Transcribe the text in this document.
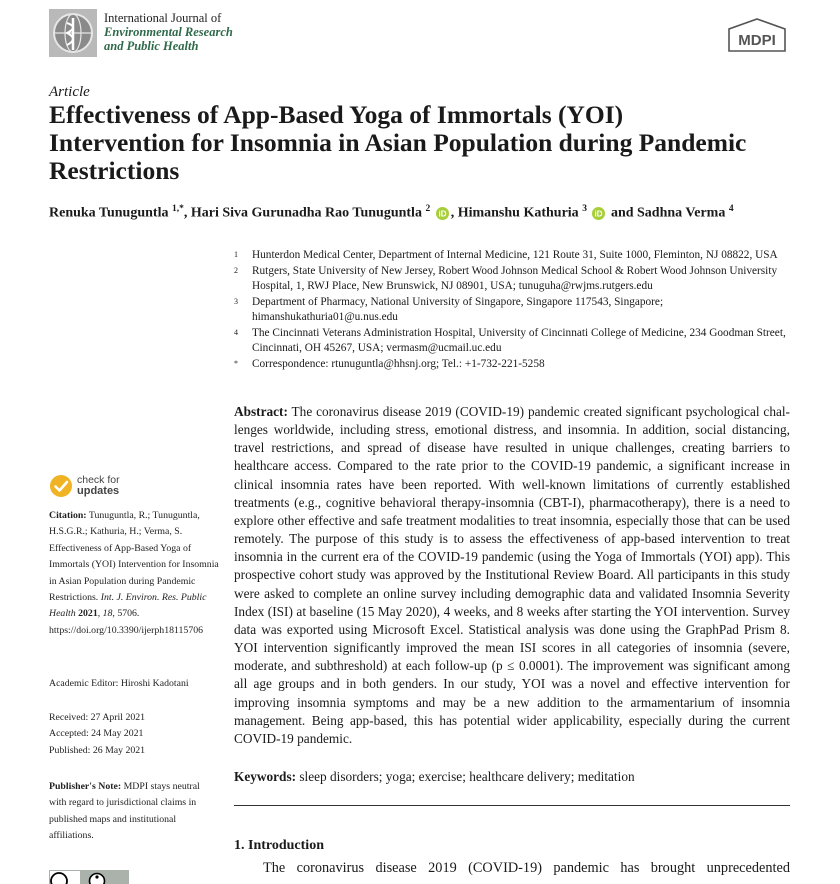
International Journal of
Environmental Research
and Public Health	MDPI
Article
Effectiveness of App-Based Yoga of Immortals (YOI) Intervention for Insomnia in Asian Population during Pandemic Restrictions
Renuka Tunuguntla $^{1,*}$, Hari Siva Gurunadha Rao Tunuguntla $^2$ iD , Himanshu Kathuria $^3$ iD and Sadhna Verma $^4$
1	Hunterdon Medical Center, Department of Internal Medicine, 121 Route 31, Suite 1000, Fleminton, NJ 08822, USA
2	Rutgers, State University of New Jersey, Robert Wood Johnson Medical School & Robert Wood Johnson University Hospital, 1, RWJ Place, New Brunswick, NJ 08901, USA; tunuguha@rwjms.rutgers.edu
3	Department of Pharmacy, National University of Singapore, Singapore 117543, Singapore; himanshukathuria01@u.nus.edu
4	The Cincinnati Veterans Administration Hospital, University of Cincinnati College of Medicine, 234 Goodman Street, Cincinnati, OH 45267, USA; vermasm@ucmail.uc.edu
*	Correspondence: rtunuguntla@hhsnj.org; Tel.: +1-732-221-5258
Abstract: The coronavirus disease 2019 (COVID-19) pandemic created significant psychological chal- lenges worldwide, including stress, emotional distress, and insomnia. In addition, social distancing, travel restrictions, and spread of disease have resulted in unique challenges, creating barriers to healthcare access. Compared to the rate prior to the COVID-19 pandemic, a significant increase in clinical insomnia rates have been reported. With well-known limitations of currently established treatments (e.g., cognitive behavioral therapy-insomnia (CBT-I), pharmacotherapy), there is a need to explore other effective and safe treatment modalities to treat insomnia, especially those that can be used remotely. The purpose of this study is to assess the effectiveness of app-based intervention to treat insomnia in the current era of the COVID-19 pandemic (using the Yoga of Immortals (YOI) app). This prospective cohort study was approved by the Institutional Review Board. All participants in this study were asked to complete an online survey including demographic data and validated Insomnia Severity Index (ISI) at baseline (15 May 2020), 4 weeks, and 8 weeks after starting the YOI intervention. Survey data was exported using Microsoft Excel. Statistical analysis was done using the GraphPad Prism 8. YOI intervention significantly improved the mean ISI scores in all categories of insomnia (severe, moderate, and subthreshold) at each follow-up (p ≤ 0.0001). The improvement was significant among all age groups and in both genders. In our study, YOI was a novel and effective intervention for improving insomnia symptoms and may be a new addition to the armamentarium of insomnia management. Being app-based, this has potential wider applicability, especially during the current COVID-19 pandemic.
Keywords: sleep disorders; yoga; exercise; healthcare delivery; meditation
1. Introduction
The coronavirus disease 2019 (COVID-19) pandemic has brought unprecedented
check for
updates
Citation: Tunuguntla, R.; Tunuguntla, H.S.G.R.; Kathuria, H.; Verma, S. Effectiveness of App-Based Yoga of Immortals (YOI) Intervention for Insomnia in Asian Population during Pandemic Restrictions. Int. J. Environ. Res. Public Health 2021, 18, 5706. https://doi.org/10.3390/ijerph18115706
Academic Editor: Hiroshi Kadotani
Received: 27 April 2021
Accepted: 24 May 2021
Published: 26 May 2021
Publisher's Note: MDPI stays neutral with regard to jurisdictional claims in published maps and institutional affiliations.
